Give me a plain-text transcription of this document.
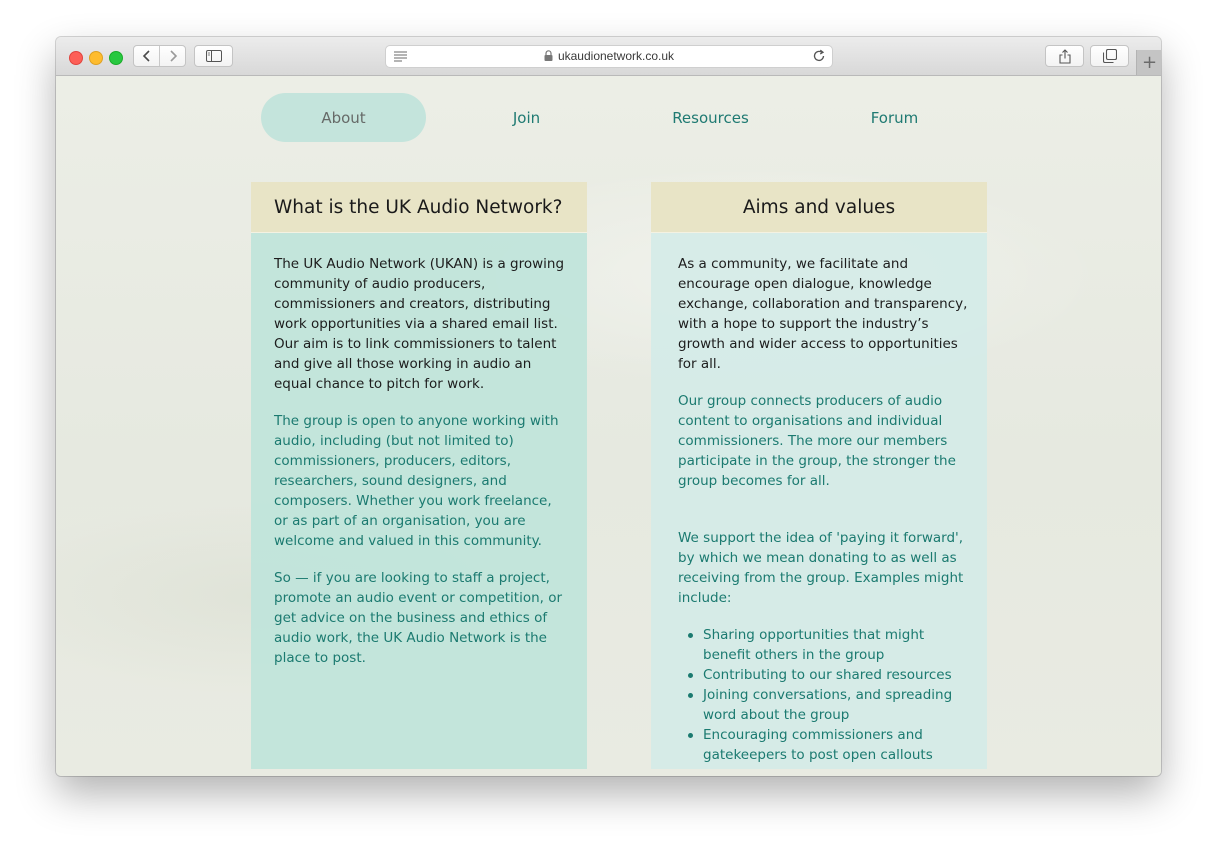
ukaudionetwork.co.uk	+
About	Join	Resources	Forum
What is the UK Audio Network?

The UK Audio Network (UKAN) is a growing community of audio producers, commissioners and creators, distributing work opportunities via a shared email list. Our aim is to link commissioners to talent and give all those working in audio an equal chance to pitch for work.

The group is open to anyone working with audio, including (but not limited to) commissioners, producers, editors, researchers, sound designers, and composers. Whether you work freelance, or as part of an organisation, you are welcome and valued in this community.

So — if you are looking to staff a project, promote an audio event or competition, or get advice on the business and ethics of audio work, the UK Audio Network is the place to post.

Aims and values

As a community, we facilitate and encourage open dialogue, knowledge exchange, collaboration and transparency, with a hope to support the industry’s growth and wider access to opportunities for all.

Our group connects producers of audio content to organisations and individual commissioners. The more our members participate in the group, the stronger the group becomes for all.

We support the idea of 'paying it forward', by which we mean donating to as well as receiving from the group. Examples might include:

Sharing opportunities that might benefit others in the group
Contributing to our shared resources
Joining conversations, and spreading word about the group
Encouraging commissioners and gatekeepers to post open callouts
